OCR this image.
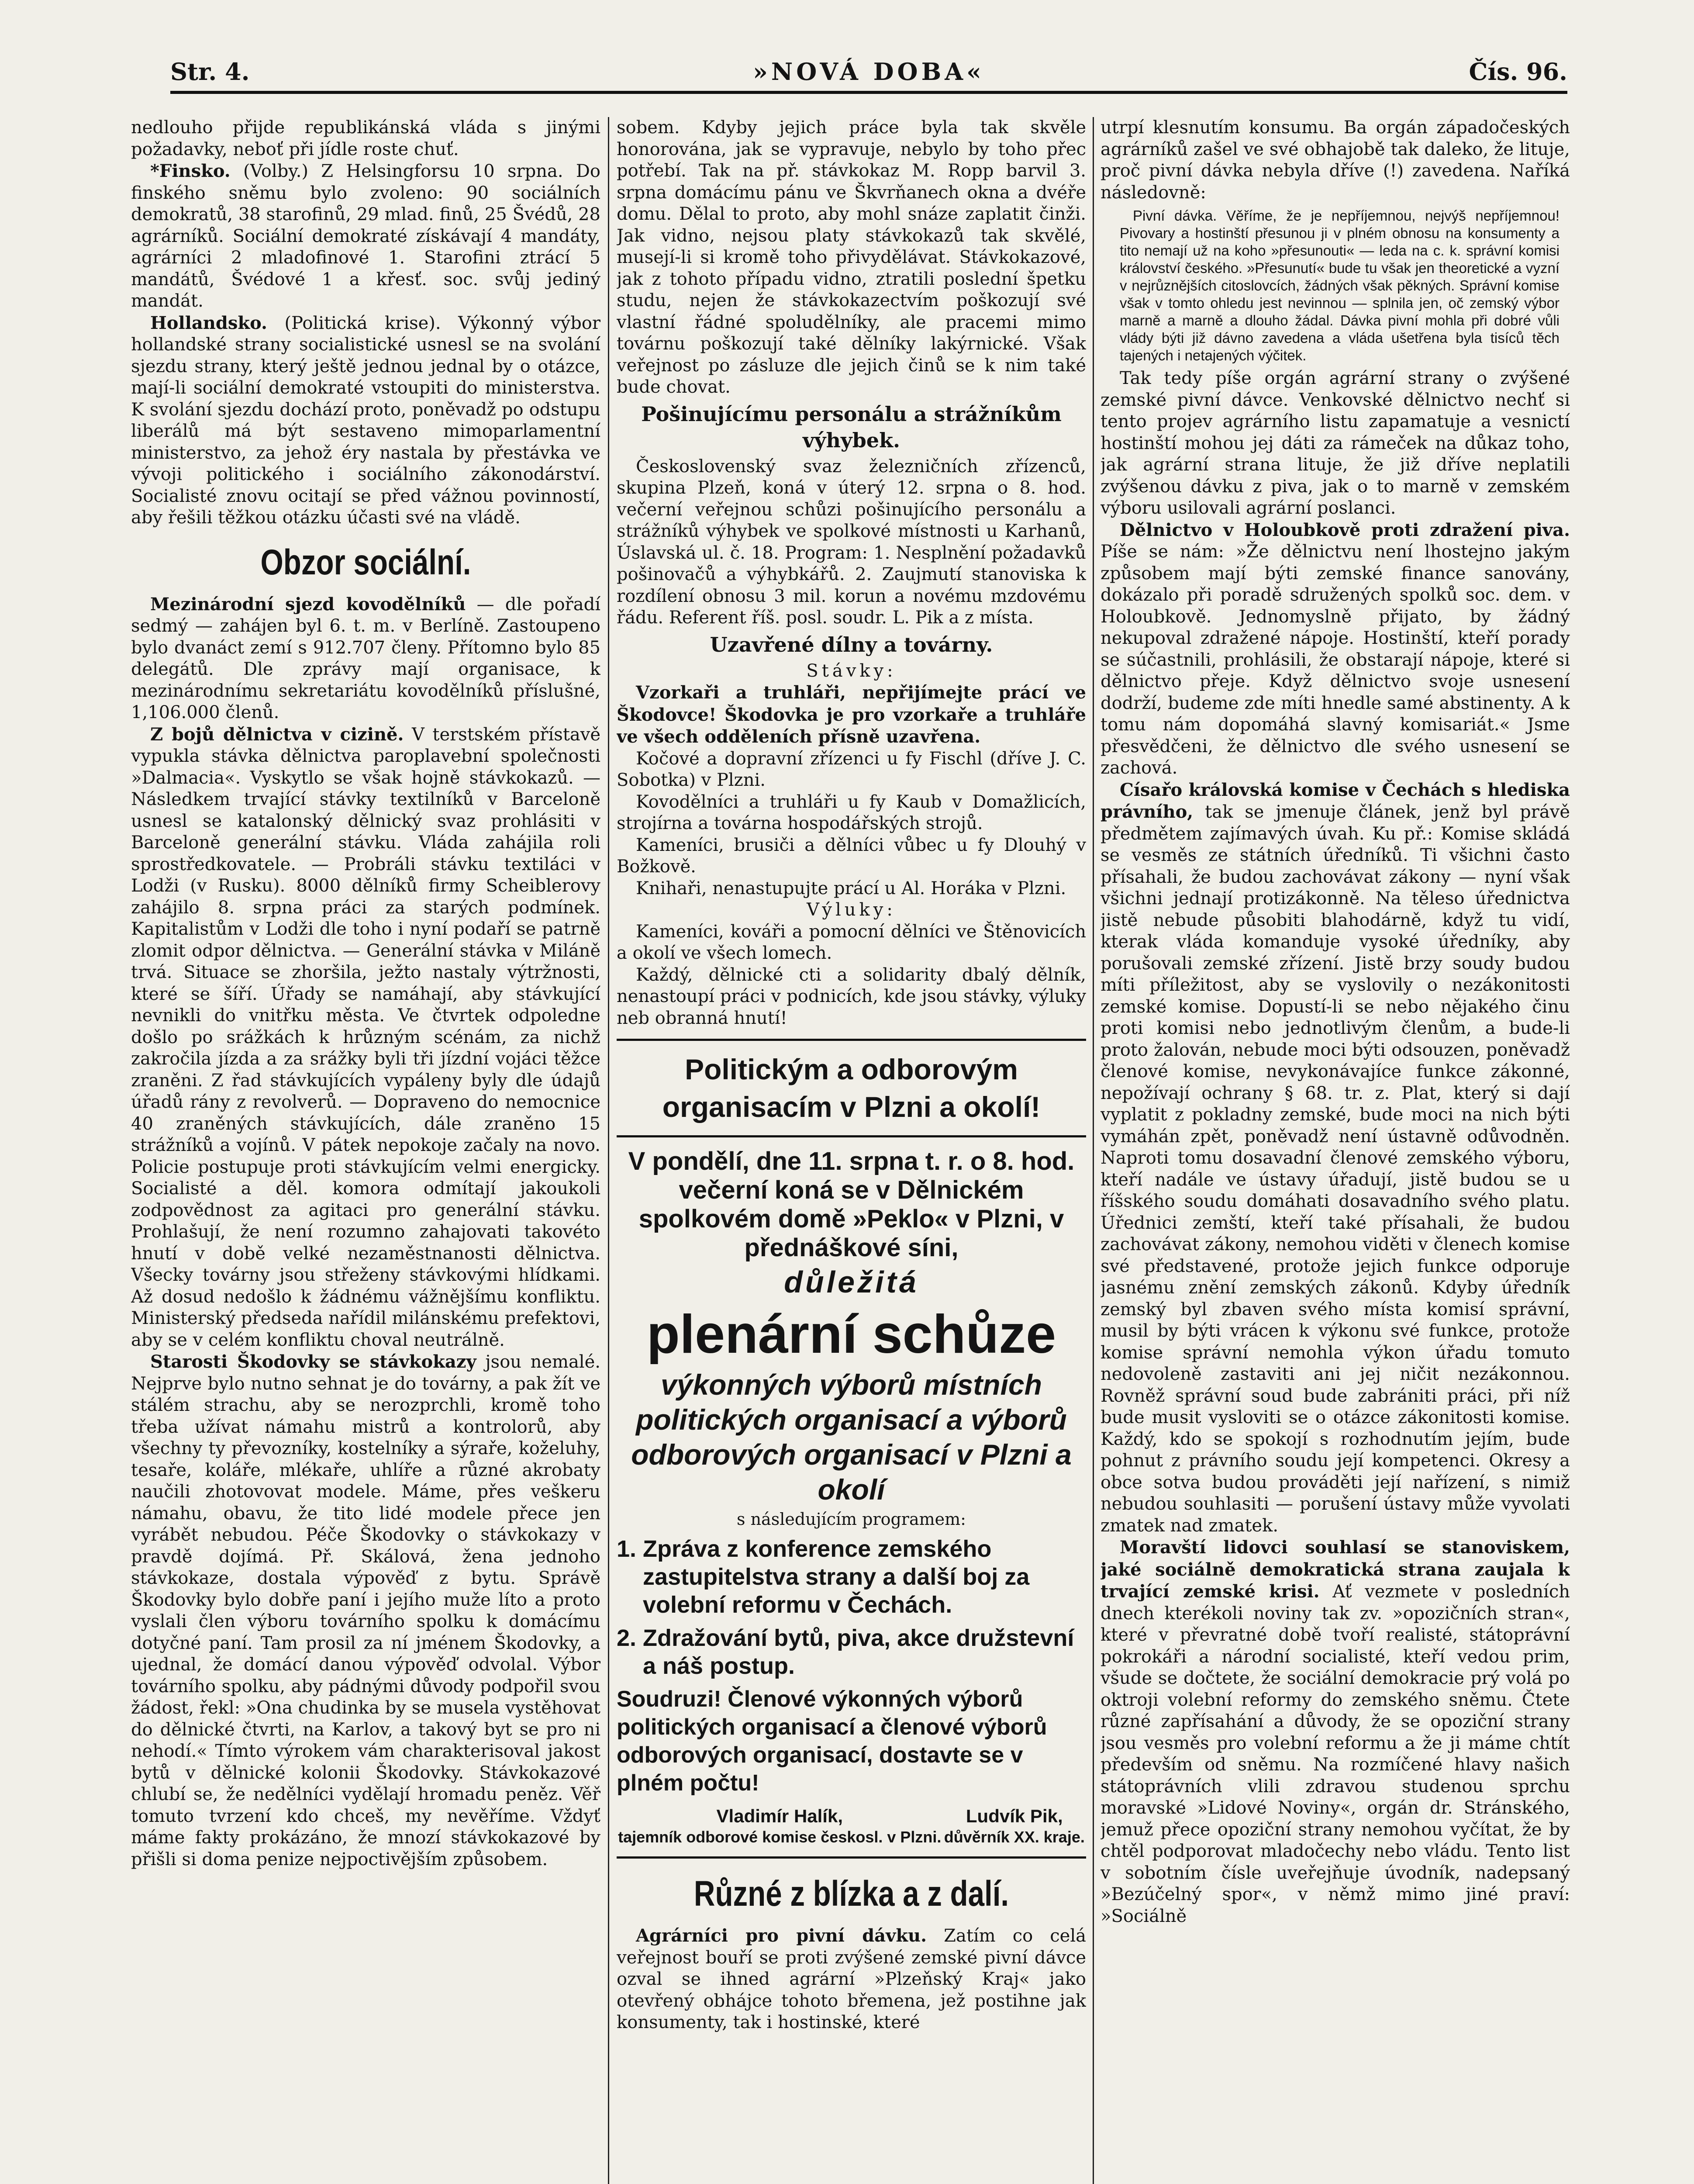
Str. 4.	»NOVÁ DOBA«	Čís. 96.

nedlouho přijde republikánská vláda s jinými požadavky, neboť při jídle roste chuť.

*Finsko. (Volby.) Z Helsingforsu 10 srpna. Do finského sněmu bylo zvoleno: 90 sociálních demokratů, 38 starofinů, 29 mlad. finů, 25 Švédů, 28 agrárníků. Sociální demokraté získávají 4 mandáty, agrárníci 2 mladofinové 1. Starofini ztrácí 5 mandátů, Švédové 1 a křesť. soc. svůj jediný mandát.

Hollandsko. (Politická krise). Výkonný výbor hollandské strany socialistické usnesl se na svolání sjezdu strany, který ještě jednou jednal by o otázce, mají-li sociální demokraté vstoupiti do ministerstva. K svolání sjezdu dochází proto, poněvadž po odstupu liberálů má být sestaveno mimoparlamentní ministerstvo, za jehož éry nastala by přestávka ve vývoji politického i sociálního zákonodárství. Socialisté znovu ocitají se před vážnou povinností, aby řešili těžkou otázku účasti své na vládě.

Obzor sociální.

Mezinárodní sjezd kovodělníků — dle pořadí sedmý — zahájen byl 6. t. m. v Berlíně. Zastoupeno bylo dvanáct zemí s 912.707 členy. Přítomno bylo 85 delegátů. Dle zprávy mají organisace, k mezinárodnímu sekretariátu kovodělníků příslušné, 1,106.000 členů.

Z bojů dělnictva v cizině. V terstském přístavě vypukla stávka dělnictva paroplavební společnosti »Dalmacia«. Vyskytlo se však hojně stávkokazů. — Následkem trvající stávky textilníků v Barceloně usnesl se katalonský dělnický svaz prohlásiti v Barceloně generální stávku. Vláda zahájila roli sprostředkovatele. — Probráli stávku textiláci v Lodži (v Rusku). 8000 dělníků firmy Scheiblerovy zahájilo 8. srpna práci za starých podmínek. Kapitalistům v Lodži dle toho i nyní podaří se patrně zlomit odpor dělnictva. — Generální stávka v Miláně trvá. Situace se zhoršila, ježto nastaly výtržnosti, které se šíří. Úřady se namáhají, aby stávkující nevnikli do vnitřku města. Ve čtvrtek odpoledne došlo po srážkách k hrůzným scénám, za nichž zakročila jízda a za srážky byli tři jízdní vojáci těžce zraněni. Z řad stávkujících vypáleny byly dle údajů úřadů rány z revolverů. — Dopraveno do nemocnice 40 zraněných stávkujících, dále zraněno 15 strážníků a vojínů. V pátek nepokoje začaly na novo. Policie postupuje proti stávkujícím velmi energicky. Socialisté a děl. komora odmítají jakoukoli zodpovědnost za agitaci pro generální stávku. Prohlašují, že není rozumno zahajovati takovéto hnutí v době velké nezaměstnanosti dělnictva. Všecky továrny jsou střeženy stávkovými hlídkami. Až dosud nedošlo k žádnému vážnějšímu konfliktu. Ministerský předseda nařídil milánskému prefektovi, aby se v celém konfliktu choval neutrálně.

Starosti Škodovky se stávkokazy jsou nemalé. Nejprve bylo nutno sehnat je do továrny, a pak žít ve stálém strachu, aby se nerozprchli, kromě toho třeba užívat námahu mistrů a kontrolorů, aby všechny ty převozníky, kostelníky a sýraře, koželuhy, tesaře, koláře, mlékaře, uhlíře a různé akrobaty naučili zhotovovat modele. Máme, přes veškeru námahu, obavu, že tito lidé modele přece jen vyrábět nebudou. Péče Škodovky o stávkokazy v pravdě dojímá. Př. Skálová, žena jednoho stávkokaze, dostala výpověď z bytu. Správě Škodovky bylo dobře paní i jejího muže líto a proto vyslali člen výboru továrního spolku k domácímu dotyčné paní. Tam prosil za ní jménem Škodovky, a ujednal, že domácí danou výpověď odvolal. Výbor továrního spolku, aby pádnými důvody podpořil svou žádost, řekl: »Ona chudinka by se musela vystěhovat do dělnické čtvrti, na Karlov, a takový byt se pro ni nehodí.« Tímto výrokem vám charakterisoval jakost bytů v dělnické kolonii Škodovky. Stávkokazové chlubí se, že nedělníci vydělají hromadu peněz. Věř tomuto tvrzení kdo chceš, my nevěříme. Vždyť máme fakty prokázáno, že mnozí stávkokazové by přišli si doma penize nejpoctivějším způsobem.

sobem. Kdyby jejich práce byla tak skvěle honorována, jak se vypravuje, nebylo by toho přec potřebí. Tak na př. stávkokaz M. Ropp barvil 3. srpna domácímu pánu ve Škvrňanech okna a dvéře domu. Dělal to proto, aby mohl snáze zaplatit činži. Jak vidno, nejsou platy stávkokazů tak skvělé, musejí-li si kromě toho přivydělávat. Stávkokazové, jak z tohoto případu vidno, ztratili poslední špetku studu, nejen že stávkokazectvím poškozují své vlastní řádné spoludělníky, ale pracemi mimo továrnu poškozují také dělníky lakýrnické. Však veřejnost po zásluze dle jejich činů se k nim také bude chovat.

Pošinujícímu personálu a strážníkům výhybek.

Československý svaz železničních zřízenců, skupina Plzeň, koná v úterý 12. srpna o 8. hod. večerní veřejnou schůzi pošinujícího personálu a strážníků výhybek ve spolkové místnosti u Karhanů, Úslavská ul. č. 18. Program: 1. Nesplnění požadavků pošinovačů a výhybkářů. 2. Zaujmutí stanoviska k rozdílení obnosu 3 mil. korun a novému mzdovému řádu. Referent říš. posl. soudr. L. Pik a z místa.

Uzavřené dílny a továrny.

Stávky:

Vzorkaři a truhláři, nepřijímejte prácí ve Škodovce! Škodovka je pro vzorkaře a truhláře ve všech odděleních přísně uzavřena.

Kočové a dopravní zřízenci u fy Fischl (dříve J. C. Sobotka) v Plzni.

Kovodělníci a truhláři u fy Kaub v Domažlicích, strojírna a továrna hospodářských strojů.

Kameníci, brusiči a dělníci vůbec u fy Dlouhý v Božkově.

Knihaři, nenastupujte prácí u Al. Horáka v Plzni.

Výluky:

Kameníci, kováři a pomocní dělníci ve Štěnovicích a okolí ve všech lomech.

Každý, dělnické cti a solidarity dbalý dělník, nenastoupí práci v podnicích, kde jsou stávky, výluky neb obranná hnutí!

Politickým a odborovým organisacím v Plzni a okolí!
V pondělí, dne 11. srpna t. r. o 8. hod. večerní koná se v Dělnickém spolkovém domě »Peklo« v Plzni, v přednáškové síni,
důležitá
plenární schůze
výkonných výborů místních politických organisací a výborů odborových organisací v Plzni a okolí
s následujícím programem:
1. Zpráva z konference zemského zastupitelstva strany a další boj za volební reformu v Čechách.
2. Zdražování bytů, piva, akce družstevní a náš postup.
Soudruzi! Členové výkonných výborů politických organisací a členové výborů odborových organisací, dostavte se v plném počtu!
Vladimír Halík,
tajemník odborové komise českosl. v Plzni.
Ludvík Pik,
důvěrník XX. kraje.
Různé z blízka a z dalí.

Agrárníci pro pivní dávku. Zatím co celá veřejnost bouří se proti zvýšené zemské pivní dávce ozval se ihned agrární »Plzeňský Kraj« jako otevřený obhájce tohoto břemena, jež postihne jak konsumenty, tak i hostinské, které

utrpí klesnutím konsumu. Ba orgán západočeských agrárníků zašel ve své obhajobě tak daleko, že lituje, proč pivní dávka nebyla dříve (!) zavedena. Naříká následovně:

Pivní dávka. Věříme, že je nepříjemnou, nejvýš nepříjemnou! Pivovary a hostinští přesunou ji v plném obnosu na konsumenty a tito nemají už na koho »přesunouti« — leda na c. k. správní komisi království českého. »Přesunutí« bude tu však jen theoretické a vyzní v nejrůznějších citoslovcích, žádných však pěkných. Správní komise však v tomto ohledu jest nevinnou — splnila jen, oč zemský výbor marně a marně a dlouho žádal. Dávka pivní mohla při dobré vůli vlády býti již dávno zavedena a vláda ušetřena byla tisíců těch tajených i netajených výčitek.

Tak tedy píše orgán agrární strany o zvýšené zemské pivní dávce. Venkovské dělnictvo nechť si tento projev agrárního listu zapamatuje a vesnictí hostinští mohou jej dáti za rámeček na důkaz toho, jak agrární strana lituje, že již dříve neplatili zvýšenou dávku z piva, jak o to marně v zemském výboru usilovali agrární poslanci.

Dělnictvo v Holoubkově proti zdražení piva. Píše se nám: »Že dělnictvu není lhostejno jakým způsobem mají býti zemské finance sanovány, dokázalo při poradě sdružených spolků soc. dem. v Holoubkově. Jednomyslně přijato, by žádný nekupoval zdražené nápoje. Hostinští, kteří porady se súčastnili, prohlásili, že obstarají nápoje, které si dělnictvo přeje. Když dělnictvo svoje usnesení dodrží, budeme zde míti hnedle samé abstinenty. A k tomu nám dopomáhá slavný komisariát.« Jsme přesvědčeni, že dělnictvo dle svého usnesení se zachová.

Císařo královská komise v Čechách s hlediska právního, tak se jmenuje článek, jenž byl právě předmětem zajímavých úvah. Ku př.: Komise skládá se vesměs ze státních úředníků. Ti všichni často přísahali, že budou zachovávat zákony — nyní však všichni jednají protizákonně. Na těleso úřednictva jistě nebude působiti blahodárně, když tu vidí, kterak vláda komanduje vysoké úředníky, aby porušovali zemské zřízení. Jistě brzy soudy budou míti příležitost, aby se vyslovily o nezákonitosti zemské komise. Dopustí-li se nebo nějakého činu proti komisi nebo jednotlivým členům, a bude-li proto žalován, nebude moci býti odsouzen, poněvadž členové komise, nevykonávajíce funkce zákonné, nepožívají ochrany § 68. tr. z. Plat, který si dají vyplatit z pokladny zemské, bude moci na nich býti vymáhán zpět, poněvadž není ústavně odůvodněn. Naproti tomu dosavadní členové zemského výboru, kteří nadále ve ústavy úřadují, jistě budou se u říšského soudu domáhati dosavadního svého platu. Úřednici zemští, kteří také přísahali, že budou zachovávat zákony, nemohou viděti v členech komise své představené, protože jejich funkce odporuje jasnému znění zemských zákonů. Kdyby úředník zemský byl zbaven svého místa komisí správní, musil by býti vrácen k výkonu své funkce, protože komise správní nemohla výkon úřadu tomuto nedovoleně zastaviti ani jej ničit nezákonnou. Rovněž správní soud bude zabrániti práci, při níž bude musit vysloviti se o otázce zákonitosti komise. Každý, kdo se spokojí s rozhodnutím jejím, bude pohnut z právního soudu její kompetenci. Okresy a obce sotva budou prováděti její nařízení, s nimiž nebudou souhlasiti — porušení ústavy může vyvolati zmatek nad zmatek.

Moravští lidovci souhlasí se stanoviskem, jaké sociálně demokratická strana zaujala k trvající zemské krisi. Ať vezmete v posledních dnech kterékoli noviny tak zv. »opozičních stran«, které v převratné době tvoří realisté, státoprávní pokrokáři a národní socialisté, kteří vedou prim, všude se dočtete, že sociální demokracie prý volá po oktroji volební reformy do zemského sněmu. Čtete různé zapřísahání a důvody, že se opoziční strany jsou vesměs pro volební reformu a že ji máme chtít především od sněmu. Na rozmíčené hlavy našich státoprávních vlili zdravou studenou sprchu moravské »Lidové Noviny«, orgán dr. Stránského, jemuž přece opoziční strany nemohou vyčítat, že by chtěl podporovat mladočechy nebo vládu. Tento list v sobotním čísle uveřejňuje úvodník, nadepsaný »Bezúčelný spor«, v němž mimo jiné praví: »Sociálně
